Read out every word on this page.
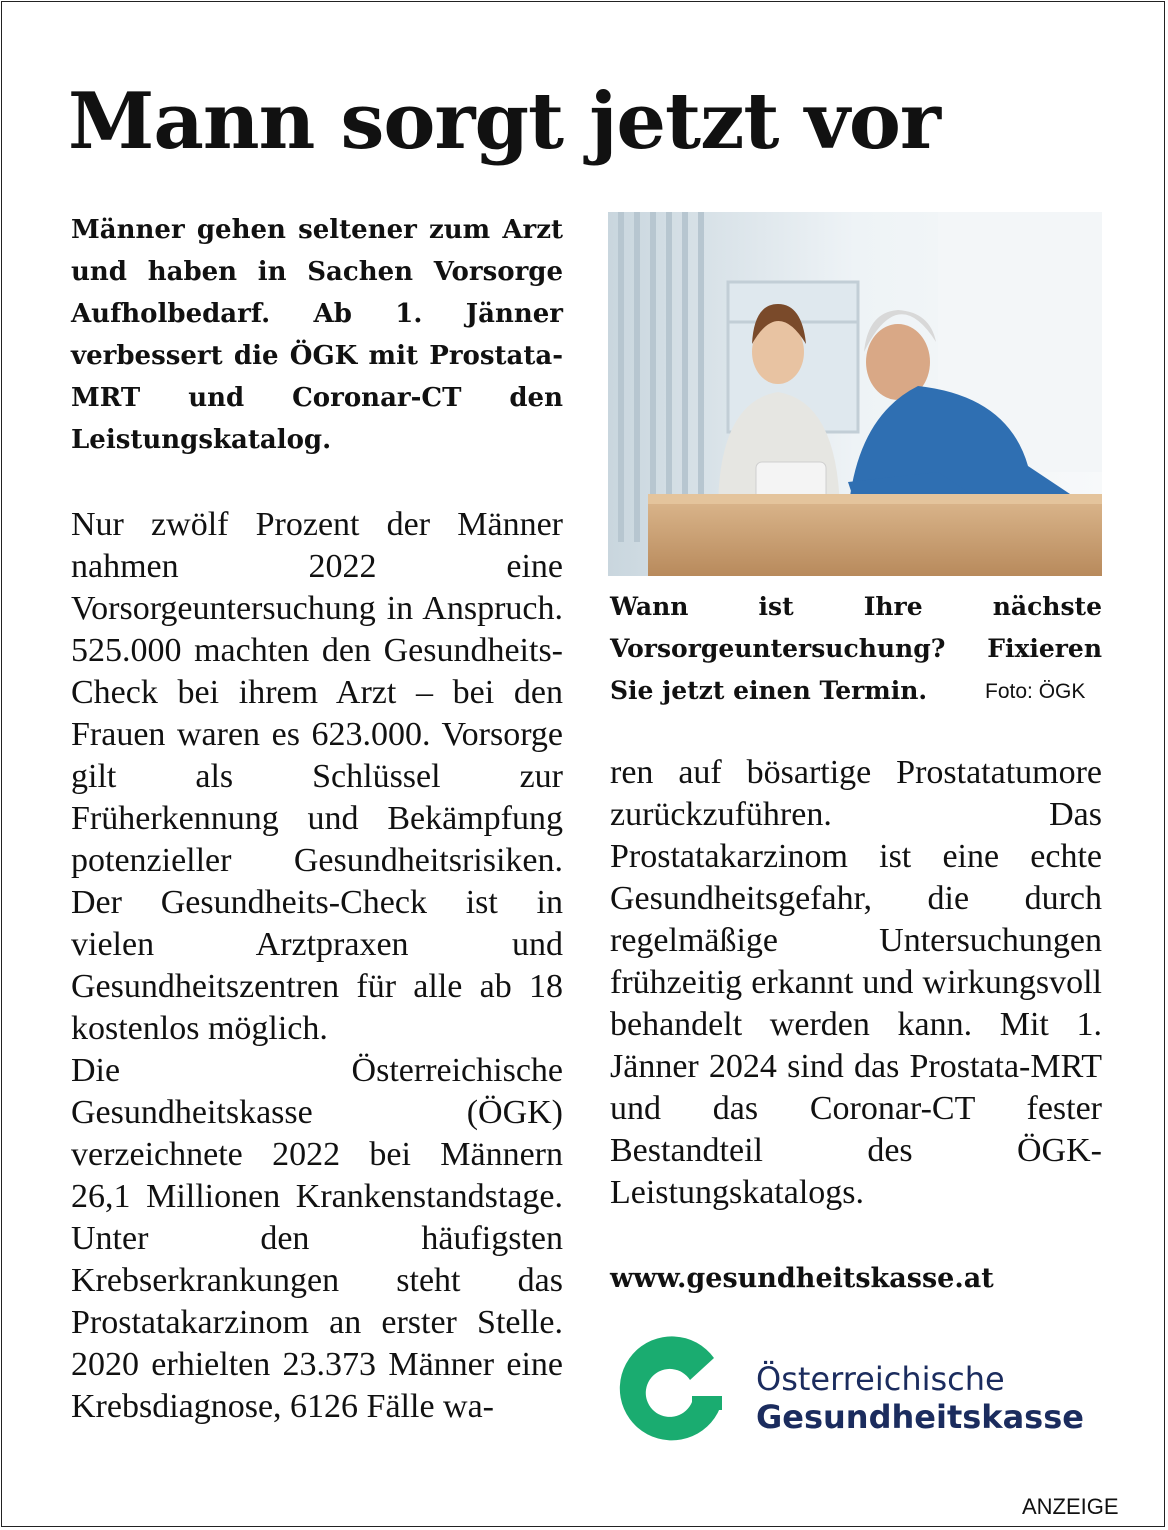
Mann sorgt jetzt vor

Männer gehen seltener zum Arzt und haben in Sachen Vorsorge Aufholbedarf. Ab 1. Jänner verbessert die ÖGK mit Prostata-MRT und Coronar-CT den Leistungskatalog.

Nur zwölf Prozent der Männer nahmen 2022 eine Vorsorgeuntersuchung in Anspruch. 525.000 machten den Gesundheits-Check bei ihrem Arzt – bei den Frauen waren es 623.000. Vorsorge gilt als Schlüssel zur Früherkennung und Bekämpfung potenzieller Gesundheitsrisiken. Der Gesundheits-Check ist in vielen Arztpraxen und Gesundheitszentren für alle ab 18 kostenlos möglich.

Die Österreichische Gesundheitskasse (ÖGK) verzeichnete 2022 bei Männern 26,1 Millionen Krankenstandstage. Unter den häufigsten Krebserkrankungen steht das Prostatakarzinom an erster Stelle. 2020 erhielten 23.373 Männer eine Krebsdiagnose, 6126 Fälle wa-

Wann ist Ihre nächste Vorsorgeuntersuchung? Fixieren Sie jetzt einen Termin.	Foto: ÖGK

ren auf bösartige Prostatatumore zurückzuführen. Das Prostatakarzinom ist eine echte Gesundheitsgefahr, die durch regelmäßige Untersuchungen frühzeitig erkannt und wirkungsvoll behandelt werden kann. Mit 1. Jänner 2024 sind das Prostata-MRT und das Coronar-CT fester Bestandteil des ÖGK-Leistungskatalogs.

www.gesundheitskasse.at

Österreichische
Gesundheitskasse
ANZEIGE
